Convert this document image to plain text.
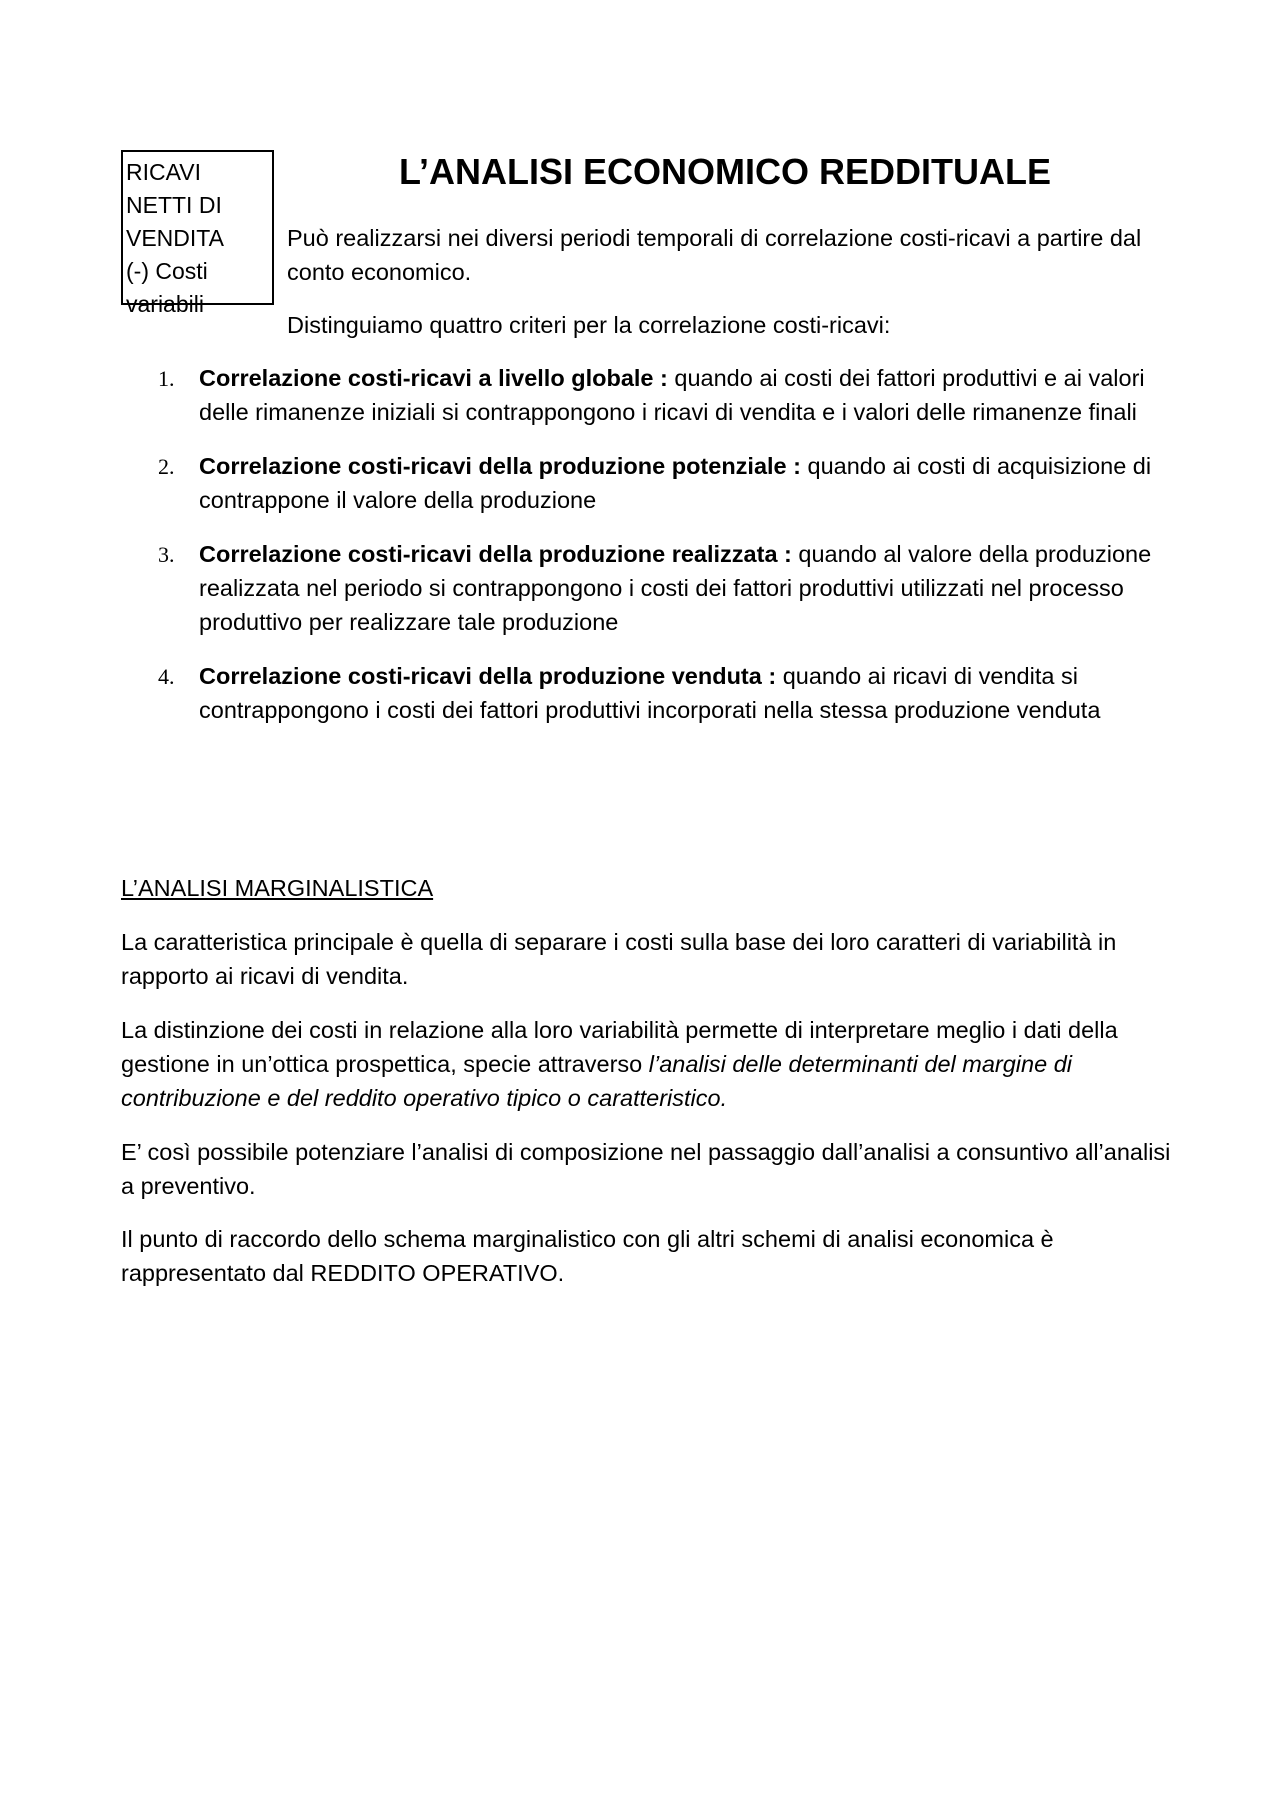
RICAVI
NETTI DI
VENDITA
(-) Costi
variabili
L’ANALISI ECONOMICO REDDITUALE

Può realizzarsi nei diversi periodi temporali di correlazione costi-ricavi a partire dal conto economico.

Distinguiamo quattro criteri per la correlazione costi-ricavi:

1. Correlazione costi-ricavi a livello globale : quando ai costi dei fattori produttivi e ai valori delle rimanenze iniziali si contrappongono i ricavi di vendita e i valori delle rimanenze finali
2. Correlazione costi-ricavi della produzione potenziale : quando ai costi di acquisizione di contrappone il valore della produzione
3. Correlazione costi-ricavi della produzione realizzata : quando al valore della produzione realizzata nel periodo si contrappongono i costi dei fattori produttivi utilizzati nel processo produttivo per realizzare tale produzione
4. Correlazione costi-ricavi della produzione venduta : quando ai ricavi di vendita si contrappongono i costi dei fattori produttivi incorporati nella stessa produzione venduta
L’ANALISI MARGINALISTICA

La caratteristica principale è quella di separare i costi sulla base dei loro caratteri di variabilità in rapporto ai ricavi di vendita.

La distinzione dei costi in relazione alla loro variabilità permette di interpretare meglio i dati della gestione in un’ottica prospettica, specie attraverso l’analisi delle determinanti del margine di contribuzione e del reddito operativo tipico o caratteristico.

E’ così possibile potenziare l’analisi di composizione nel passaggio dall’analisi a consuntivo all’analisi a preventivo.

Il punto di raccordo dello schema marginalistico con gli altri schemi di analisi economica è rappresentato dal REDDITO OPERATIVO.
